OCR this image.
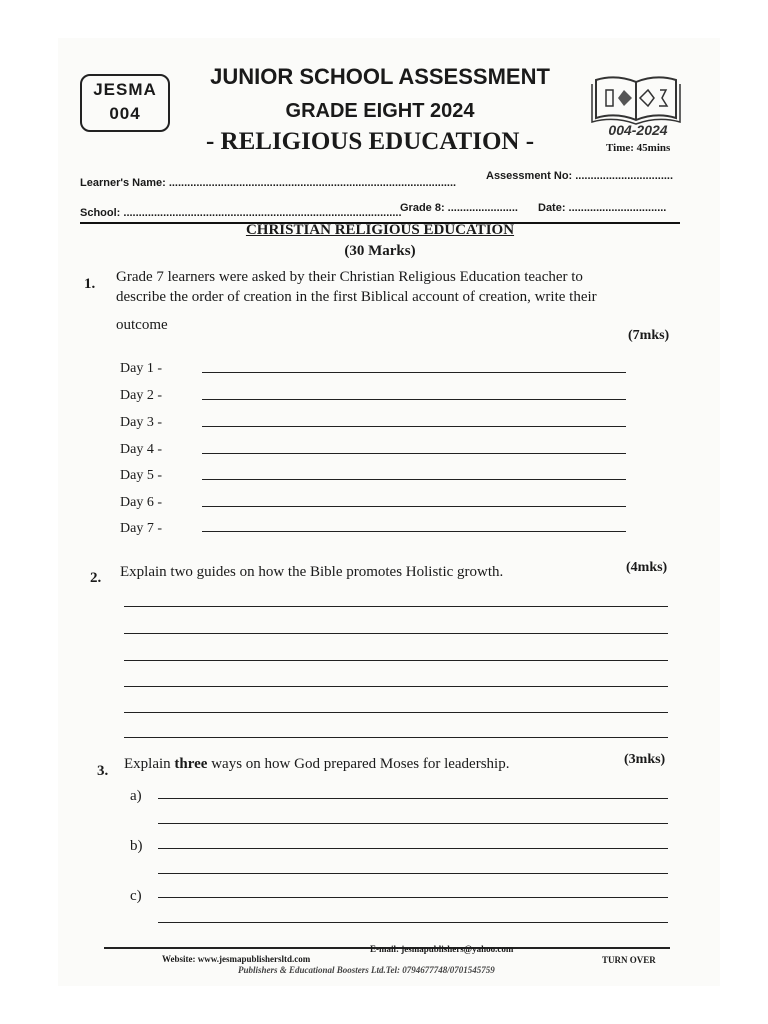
JESMA
004
JUNIOR SCHOOL ASSESSMENT
GRADE EIGHT 2024
- RELIGIOUS EDUCATION -	004-2024
Time: 45mins
Learner's Name: ..............................................................................................
Assessment No: ................................
School: ...........................................................................................
Grade 8: ....................... Date: ................................
CHRISTIAN RELIGIOUS EDUCATION
(30 Marks)
1. Grade 7 learners were asked by their Christian Religious Education teacher to
describe the order of creation in the first Biblical account of creation, write their
outcome
(7mks)
Day 1 -
Day 2 -
Day 3 -
Day 4 -
Day 5 -
Day 6 -
Day 7 -
2. Explain two guides on how the Bible promotes Holistic growth.	(4mks)
3. Explain three ways on how God prepared Moses for leadership.	(3mks)
a)
b)
c)
Website: www.jesmapublishersltd.com
E-mail: jesmapublishers@yahoo.com
Publishers & Educational Boosters Ltd.Tel: 0794677748/0701545759
TURN OVER
